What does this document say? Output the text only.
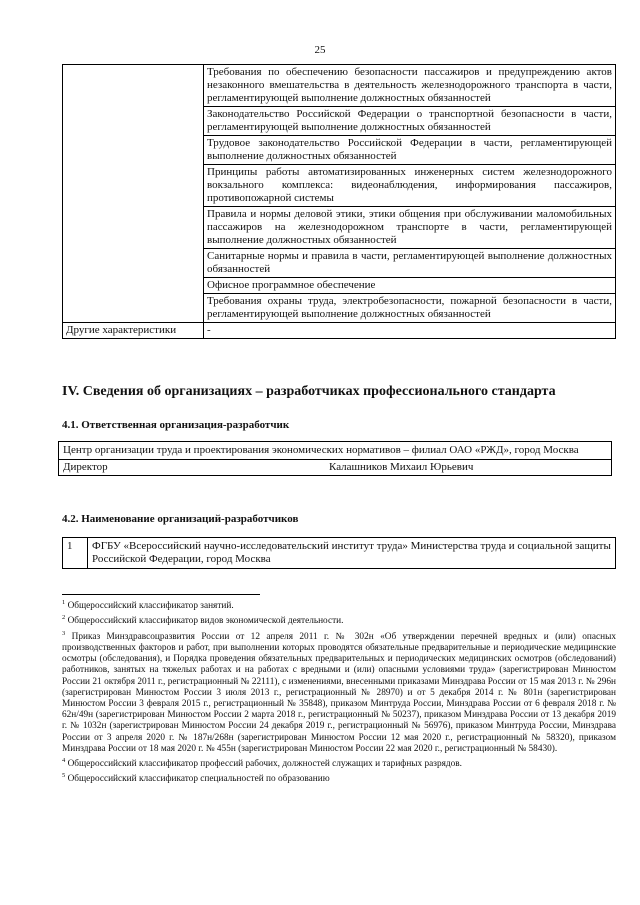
25
	Требования по обеспечению безопасности пассажиров и предупреждению актов незаконного вмешательства в деятельность железнодорожного транспорта в части, регламентирующей выполнение должностных обязанностей
	Законодательство Российской Федерации о транспортной безопасности в части, регламентирующей выполнение должностных обязанностей
	Трудовое законодательство Российской Федерации в части, регламентирующей выполнение должностных обязанностей
	Принципы работы автоматизированных инженерных систем железнодорожного вокзального комплекса: видеонаблюдения, информирования пассажиров, противопожарной системы
	Правила и нормы деловой этики, этики общения при обслуживании маломобильных пассажиров на железнодорожном транспорте в части, регламентирующей выполнение должностных обязанностей
	Санитарные нормы и правила в части, регламентирующей выполнение должностных обязанностей
	Офисное программное обеспечение
	Требования охраны труда, электробезопасности, пожарной безопасности в части, регламентирующей выполнение должностных обязанностей
Другие характеристики	-
IV. Сведения об организациях – разработчиках профессионального стандарта
4.1. Ответственная организация-разработчик
Центр организации труда и проектирования экономических нормативов – филиал ОАО «РЖД», город Москва
Директор	Калашников Михаил Юрьевич
4.2. Наименование организаций-разработчиков
1	ФГБУ «Всероссийский научно-исследовательский институт труда» Министерства труда и социальной защиты Российской Федерации, город Москва

$^1$ Общероссийский классификатор занятий.

$^2$ Общероссийский классификатор видов экономической деятельности.

$^3$ Приказ Минздравсоцразвития России от 12 апреля 2011 г. № 302н «Об утверждении перечней вредных и (или) опасных производственных факторов и работ, при выполнении которых проводятся обязательные предварительные и периодические медицинские осмотры (обследования), и Порядка проведения обязательных предварительных и периодических медицинских осмотров (обследований) работников, занятых на тяжелых работах и на работах с вредными и (или) опасными условиями труда» (зарегистрирован Минюстом России 21 октября 2011 г., регистрационный № 22111), с изменениями, внесенными приказами Минздрава России от 15 мая 2013 г. № 296н (зарегистрирован Минюстом России 3 июля 2013 г., регистрационный № 28970) и от 5 декабря 2014 г. № 801н (зарегистрирован Минюстом России 3 февраля 2015 г., регистрационный № 35848), приказом Минтруда России, Минздрава России от 6 февраля 2018 г. № 62н/49н (зарегистрирован Минюстом России 2 марта 2018 г., регистрационный № 50237), приказом Минздрава России от 13 декабря 2019 г. № 1032н (зарегистрирован Минюстом России 24 декабря 2019 г., регистрационный № 56976), приказом Минтруда России, Минздрава России от 3 апреля 2020 г. № 187н/268н (зарегистрирован Минюстом России 12 мая 2020 г., регистрационный № 58320), приказом Минздрава России от 18 мая 2020 г. № 455н (зарегистрирован Минюстом России 22 мая 2020 г., регистрационный № 58430).

$^4$ Общероссийский классификатор профессий рабочих, должностей служащих и тарифных разрядов.

$^5$ Общероссийский классификатор специальностей по образованию
